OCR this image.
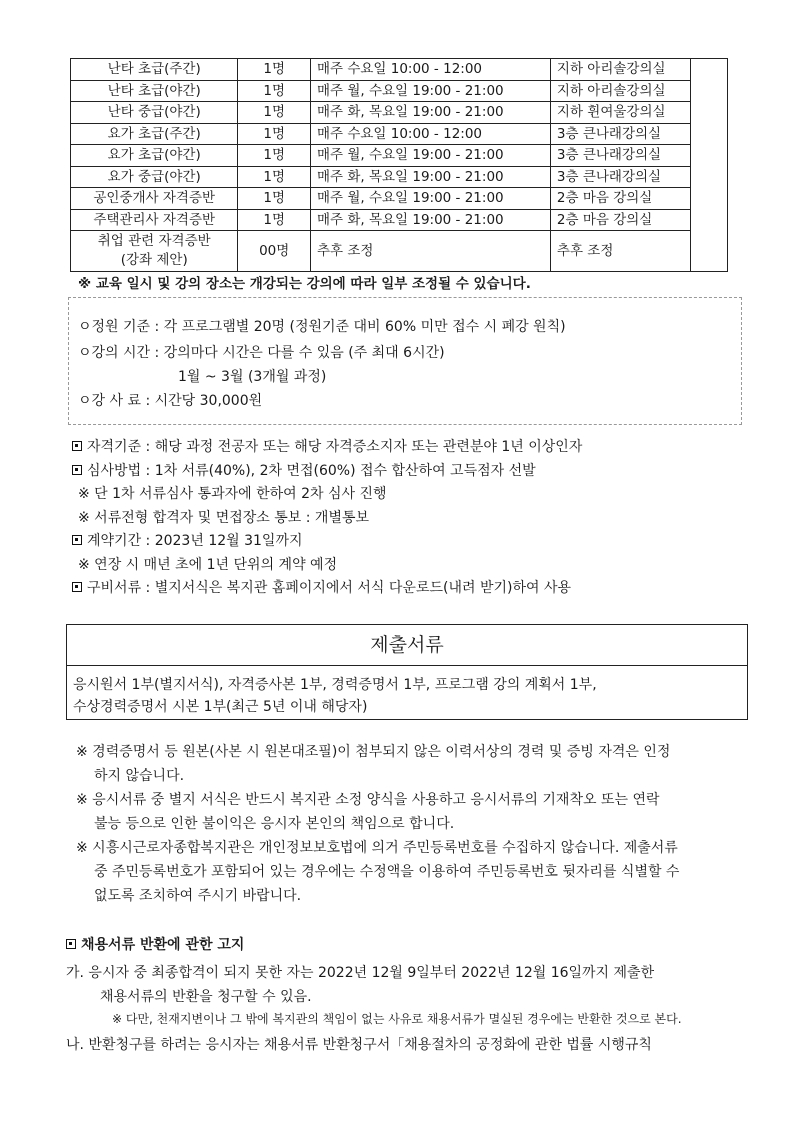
난타 초급(주간)	1명	매주 수요일 10:00 - 12:00	지하 아리솔강의실	
난타 초급(야간)	1명	매주 월, 수요일 19:00 - 21:00	지하 아리솔강의실	
난타 중급(야간)	1명	매주 화, 목요일 19:00 - 21:00	지하 휜여울강의실	
요가 초급(주간)	1명	매주 수요일 10:00 - 12:00	3층 큰나래강의실	
요가 초급(야간)	1명	매주 월, 수요일 19:00 - 21:00	3층 큰나래강의실	
요가 중급(야간)	1명	매주 화, 목요일 19:00 - 21:00	3층 큰나래강의실	
공인중개사 자격증반	1명	매주 월, 수요일 19:00 - 21:00	2층 마음 강의실	
주택관리사 자격증반	1명	매주 화, 목요일 19:00 - 21:00	2층 마음 강의실	

취업 관련 자격증반
(강좌 제안)	00명	추후 조정	추후 조정	
※ 교육 일시 및 강의 장소는 개강되는 강의에 따라 일부 조정될 수 있습니다.
ㅇ정원 기준 : 각 프로그램별 20명 (정원기준 대비 60% 미만 접수 시 폐강 원칙)
ㅇ강의 시간 : 강의마다 시간은 다를 수 있음 (주 최대 6시간)
1월 ~ 3월 (3개월 과정)
ㅇ강 사 료 : 시간당 30,000원
자격기준 : 해당 과정 전공자 또는 해당 자격증소지자 또는 관련분야 1년 이상인자
심사방법 : 1차 서류(40%), 2차 면접(60%) 접수 합산하여 고득점자 선발
※ 단 1차 서류심사 통과자에 한하여 2차 심사 진행
※ 서류전형 합격자 및 면접장소 통보 : 개별통보
계약기간 : 2023년 12월 31일까지
※ 연장 시 매년 초에 1년 단위의 계약 예정
구비서류 : 별지서식은 복지관 홈페이지에서 서식 다운로드(내려 받기)하여 사용
제출서류
응시원서 1부(별지서식), 자격증사본 1부, 경력증명서 1부, 프로그램 강의 계획서 1부,
수상경력증명서 시본 1부(최근 5년 이내 해당자)
※ 경력증명서 등 원본(사본 시 원본대조필)이 첨부되지 않은 이력서상의 경력 및 증빙 자격은 인정
하지 않습니다.
※ 응시서류 중 별지 서식은 반드시 복지관 소정 양식을 사용하고 응시서류의 기재착오 또는 연락
불능 등으로 인한 불이익은 응시자 본인의 책임으로 합니다.
※ 시흥시근로자종합복지관은 개인정보보호법에 의거 주민등록번호를 수집하지 않습니다. 제출서류
중 주민등록번호가 포함되어 있는 경우에는 수정액을 이용하여 주민등록번호 뒷자리를 식별할 수
없도록 조치하여 주시기 바랍니다.
채용서류 반환에 관한 고지
가. 응시자 중 최종합격이 되지 못한 자는 2022년 12월 9일부터 2022년 12월 16일까지 제출한
채용서류의 반환을 청구할 수 있음.
※ 다만, 천재지변이나 그 밖에 복지관의 책임이 없는 사유로 채용서류가 멸실된 경우에는 반환한 것으로 본다.
나. 반환청구를 하려는 응시자는 채용서류 반환청구서「채용절차의 공정화에 관한 법률 시행규칙
